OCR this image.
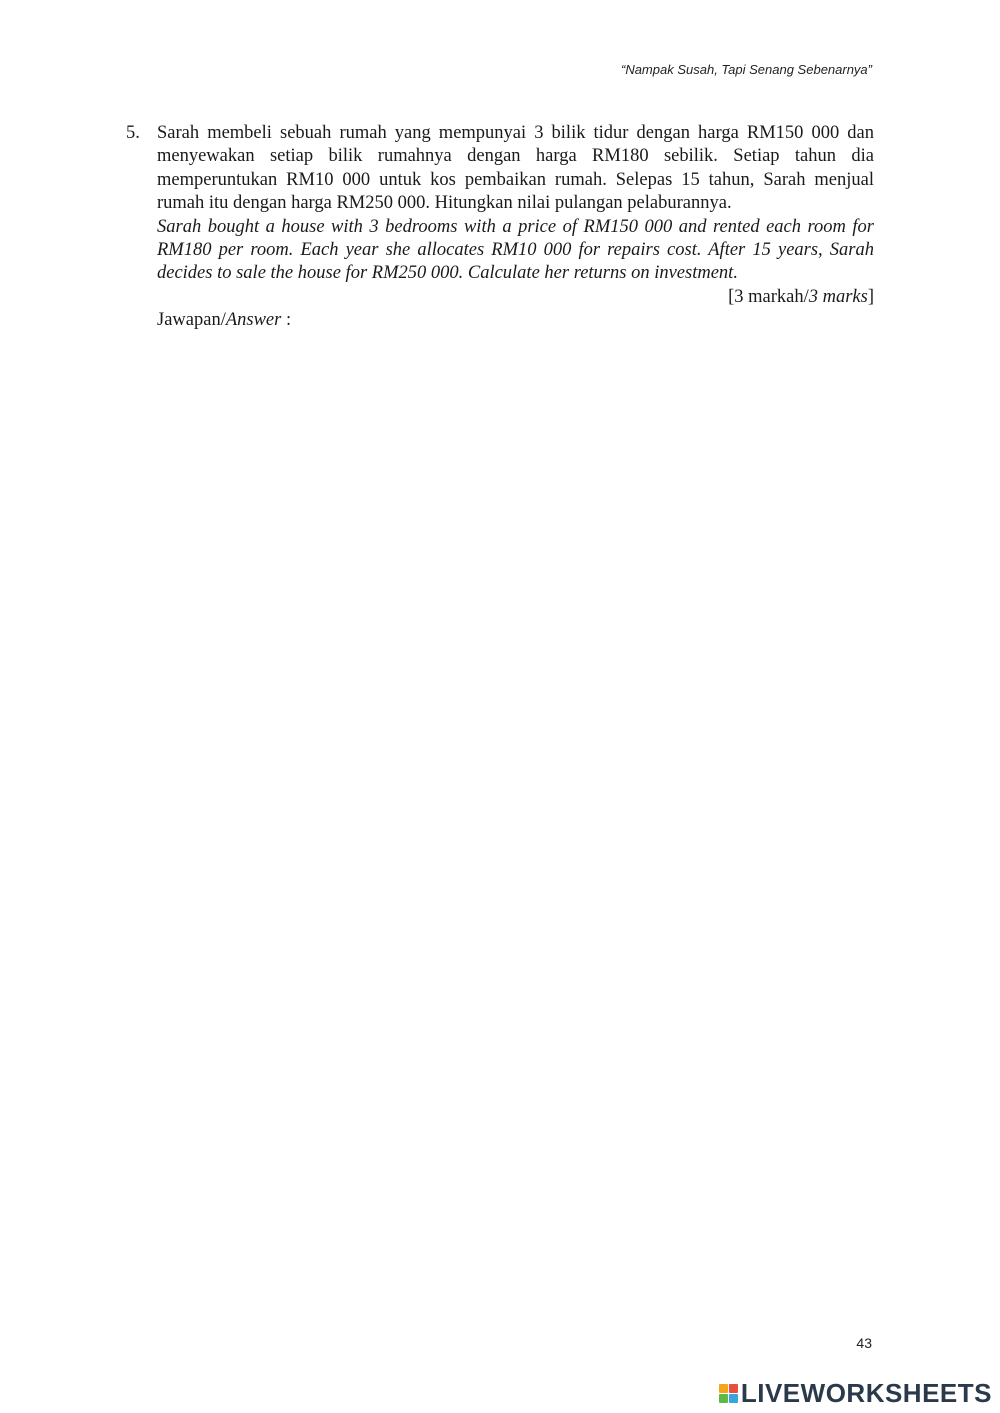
“Nampak Susah, Tapi Senang Sebenarnya”
5. Sarah membeli sebuah rumah yang mempunyai 3 bilik tidur dengan harga RM150 000 dan menyewakan setiap bilik rumahnya dengan harga RM180 sebilik. Setiap tahun dia memperuntukan RM10 000 untuk kos pembaikan rumah. Selepas 15 tahun, Sarah menjual rumah itu dengan harga RM250 000. Hitungkan nilai pulangan pelaburannya.

Sarah bought a house with 3 bedrooms with a price of RM150 000 and rented each room for RM180 per room. Each year she allocates RM10 000 for repairs cost. After 15 years, Sarah decides to sale the house for RM250 000. Calculate her returns on investment.

[3 markah/3 marks]

Jawapan/Answer :

43
LIVEWORKSHEETS
